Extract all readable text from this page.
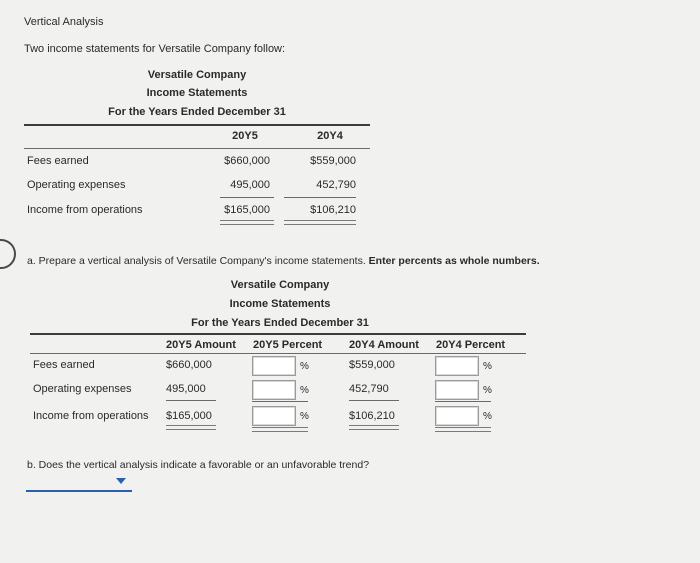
Vertical Analysis
Two income statements for Versatile Company follow:
Versatile Company
Income Statements
For the Years Ended December 31
20Y5	20Y4
Fees earned	$660,000	$559,000
Operating expenses	495,000	452,790
Income from operations	$165,000	$106,210
a. Prepare a vertical analysis of Versatile Company's income statements. Enter percents as whole numbers.
Versatile Company
Income Statements
For the Years Ended December 31
20Y5 Amount 20Y5 Percent 20Y4 Amount 20Y4 Percent
Fees earned	$660,000	%	$559,000	%
Operating expenses	495,000	%	452,790	%
Income from operations $165,000	%	$106,210	%
b. Does the vertical analysis indicate a favorable or an unfavorable trend?
